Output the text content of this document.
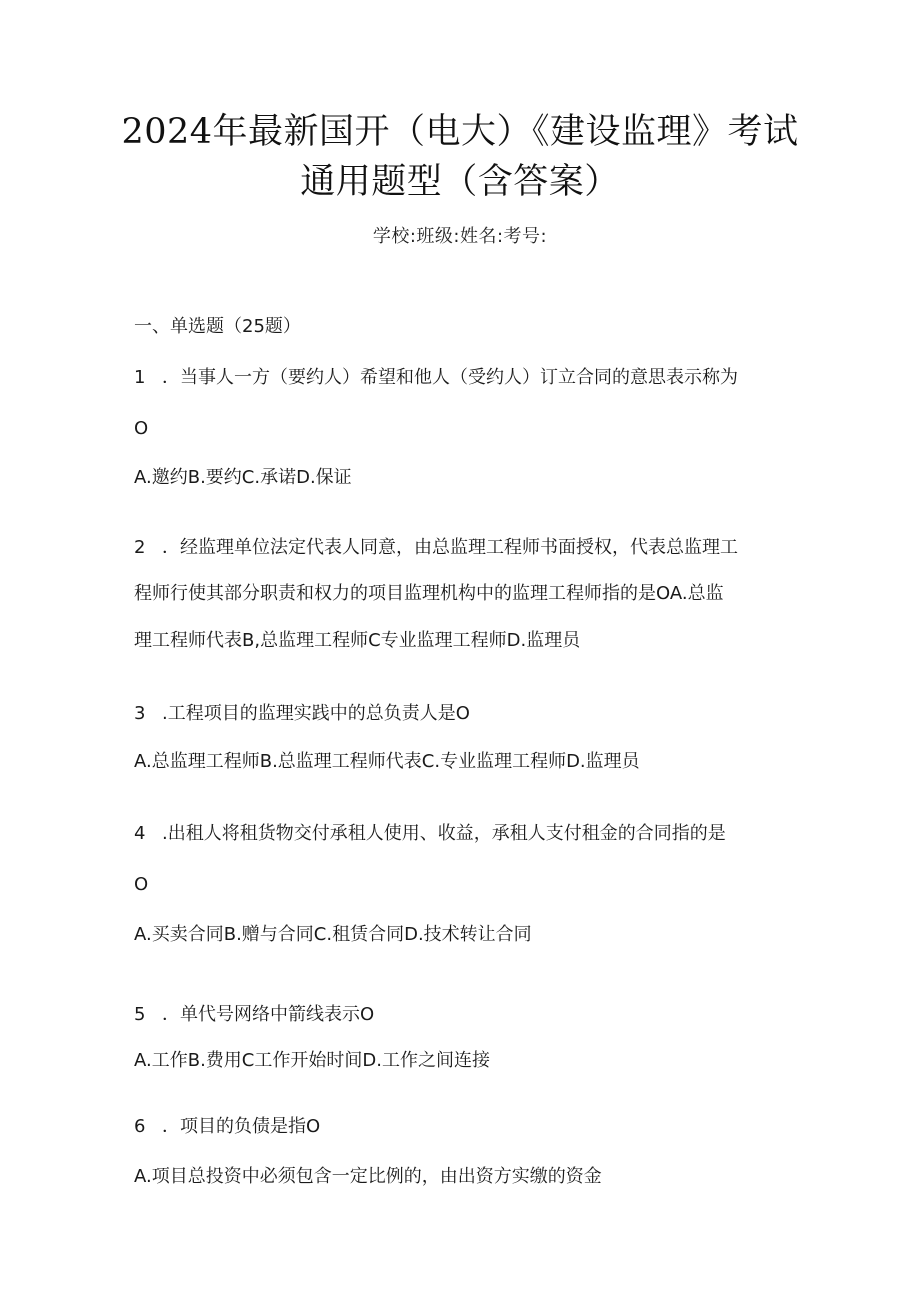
2024年最新国开（电大）《建设监理》考试
通用题型（含答案）
学校:班级:姓名:考号:
一、单选题（25题）
1 ．当事人一方（要约人）希望和他人（受约人）订立合同的意思表示称为
O
A.邀约B.要约C.承诺D.保证
2 ．经监理单位法定代表人同意，由总监理工程师书面授权，代表总监理工
程师行使其部分职责和权力的项目监理机构中的监理工程师指的是OA.总监
理工程师代表B,总监理工程师C专业监理工程师D.监理员
3 .工程项目的监理实践中的总负责人是O
A.总监理工程师B.总监理工程师代表C.专业监理工程师D.监理员
4 .出租人将租货物交付承租人使用、收益，承租人支付租金的合同指的是
O
A.买卖合同B.赠与合同C.租赁合同D.技术转让合同
5 ．单代号网络中箭线表示O
A.工作B.费用C工作开始时间D.工作之间连接
6 ．项目的负债是指O
A.项目总投资中必须包含一定比例的，由出资方实缴的资金
